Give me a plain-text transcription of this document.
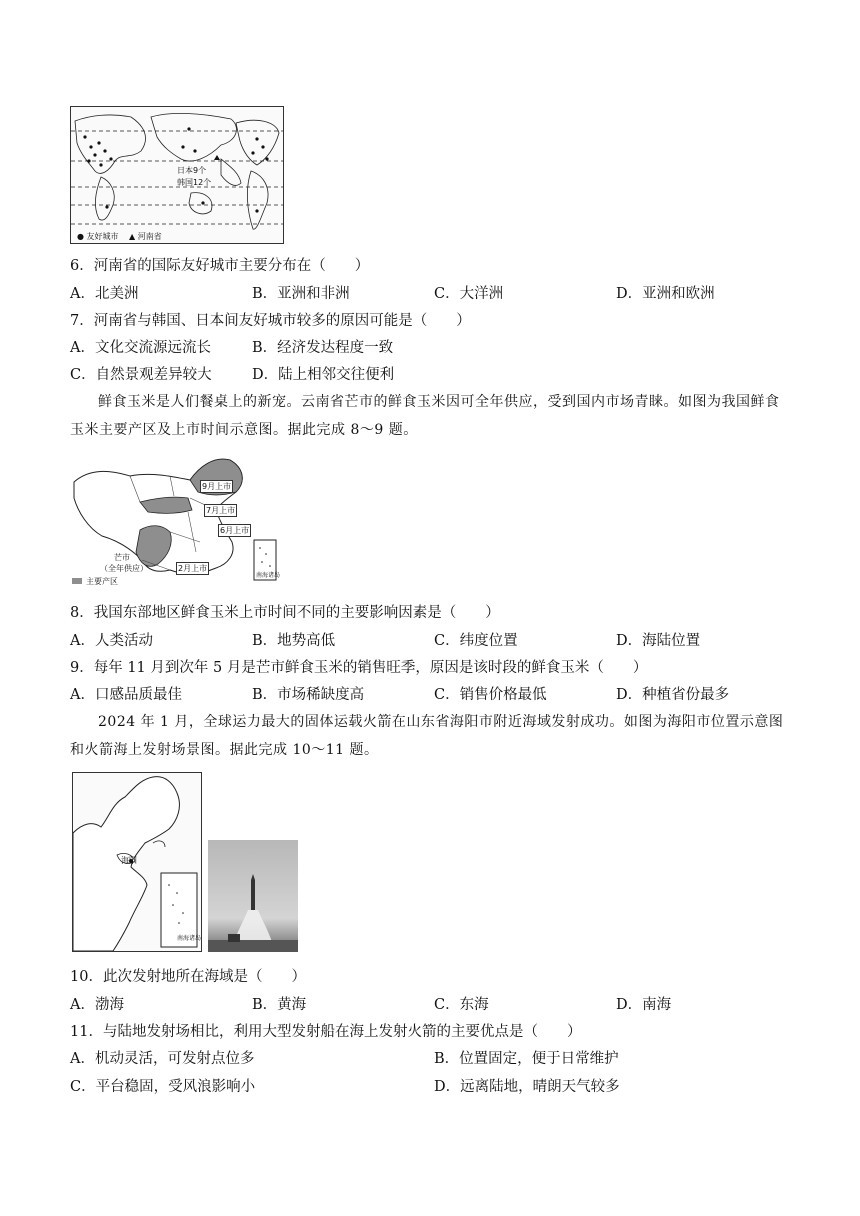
日本9个
韩国12个
● 友好城市 ▲ 河南省
6．河南省的国际友好城市主要分布在（　　）
A．北美洲	B．亚洲和非洲	C．大洋洲	D．亚洲和欧洲
7．河南省与韩国、日本间友好城市较多的原因可能是（　　）
A．文化交流源远流长	B．经济发达程度一致
C．自然景观差异较大	D．陆上相邻交往便利
鲜食玉米是人们餐桌上的新宠。云南省芒市的鲜食玉米因可全年供应，受到国内市场青睐。如图为我国鲜食玉米主要产区及上市时间示意图。据此完成 8～9 题。
9月上市
7月上市
6月上市
2月上市
芒市
（全年供应）
主要产区
南海诸岛
8．我国东部地区鲜食玉米上市时间不同的主要影响因素是（　　）
A．人类活动	B．地势高低	C．纬度位置	D．海陆位置
9．每年 11 月到次年 5 月是芒市鲜食玉米的销售旺季，原因是该时段的鲜食玉米（　　）
A．口感品质最佳	B．市场稀缺度高	C．销售价格最低	D．种植省份最多
2024 年 1 月，全球运力最大的固体运载火箭在山东省海阳市附近海域发射成功。如图为海阳市位置示意图和火箭海上发射场景图。据此完成 10～11 题。
海阳
南海诸岛
10．此次发射地所在海域是（　　）
A．渤海	B．黄海	C．东海	D．南海
11．与陆地发射场相比，利用大型发射船在海上发射火箭的主要优点是（　　）
A．机动灵活，可发射点位多	B．位置固定，便于日常维护
C．平台稳固，受风浪影响小	D．远离陆地，晴朗天气较多
